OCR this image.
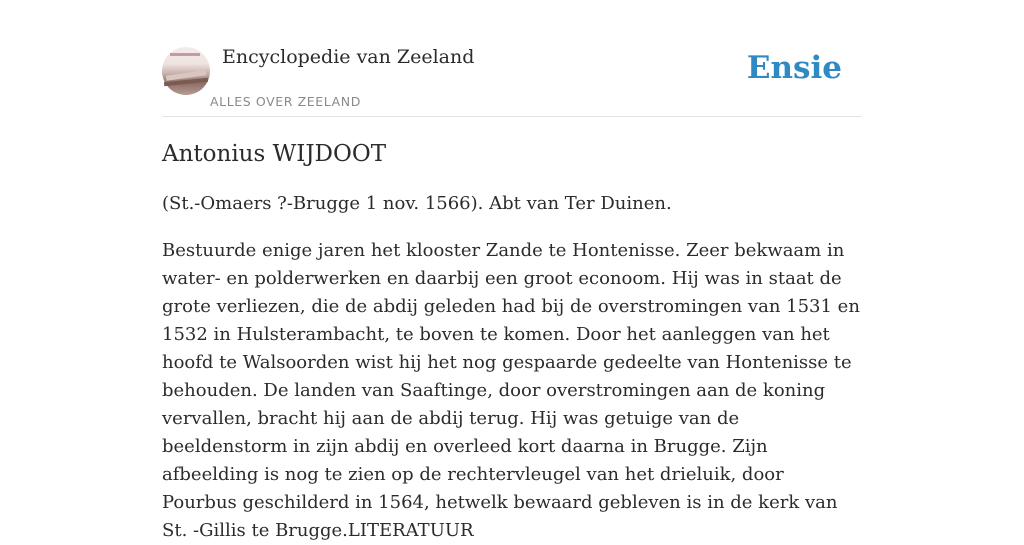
Encyclopedie van Zeeland
ALLES OVER ZEELAND
Ensie
Antonius WIJDOOT

(St.-Omaers ?-Brugge 1 nov. 1566). Abt van Ter Duinen.

Bestuurde enige jaren het klooster Zande te Hontenisse. Zeer bekwaam in water- en polderwerken en daarbij een groot econoom. Hij was in staat de grote verliezen, die de abdij geleden had bij de overstromingen van 1531 en 1532 in Hulsterambacht, te boven te komen. Door het aanleggen van het hoofd te Walsoorden wist hij het nog gespaarde gedeelte van Hontenisse te behouden. De landen van Saaftinge, door overstromingen aan de koning vervallen, bracht hij aan de abdij terug. Hij was getuige van de beeldenstorm in zijn abdij en overleed kort daarna in Brugge. Zijn afbeelding is nog te zien op de rechtervleugel van het drieluik, door Pourbus geschilderd in 1564, hetwelk bewaard gebleven is in de kerk van St. -Gillis te Brugge.LITERATUUR
